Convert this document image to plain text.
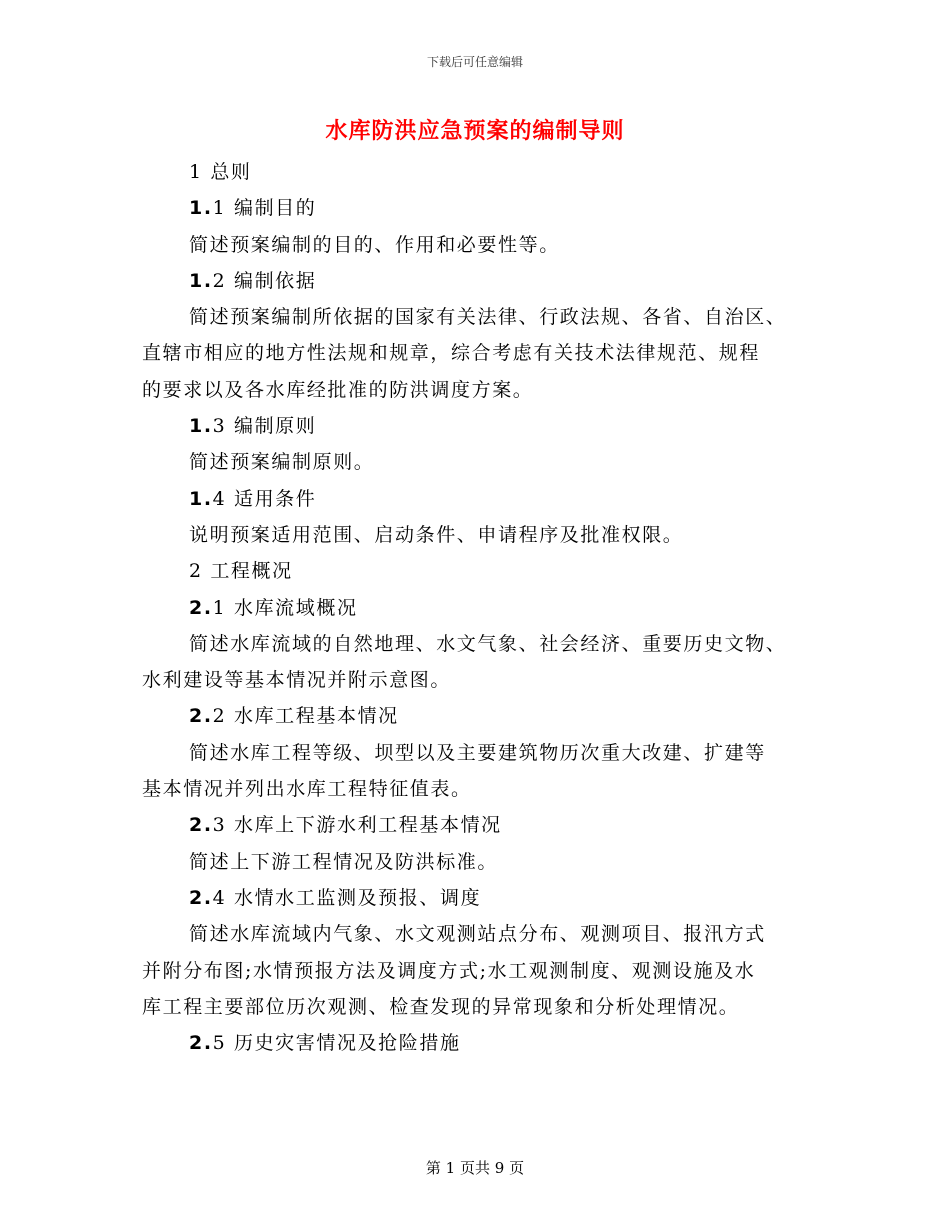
下载后可任意编辑
水库防洪应急预案的编制导则
1 总则
1.1 编制目的
简述预案编制的目的、作用和必要性等。
1.2 编制依据
简述预案编制所依据的国家有关法律、行政法规、各省、自治区、
直辖市相应的地方性法规和规章，综合考虑有关技术法律规范、规程
的要求以及各水库经批准的防洪调度方案。
1.3 编制原则
简述预案编制原则。
1.4 适用条件
说明预案适用范围、启动条件、申请程序及批准权限。
2 工程概况
2.1 水库流域概况
简述水库流域的自然地理、水文气象、社会经济、重要历史文物、
水利建设等基本情况并附示意图。
2.2 水库工程基本情况
简述水库工程等级、坝型以及主要建筑物历次重大改建、扩建等
基本情况并列出水库工程特征值表。
2.3 水库上下游水利工程基本情况
简述上下游工程情况及防洪标准。
2.4 水情水工监测及预报、调度
简述水库流域内气象、水文观测站点分布、观测项目、报汛方式
并附分布图;水情预报方法及调度方式;水工观测制度、观测设施及水
库工程主要部位历次观测、检查发现的异常现象和分析处理情况。
2.5 历史灾害情况及抢险措施
第 1 页共 9 页
